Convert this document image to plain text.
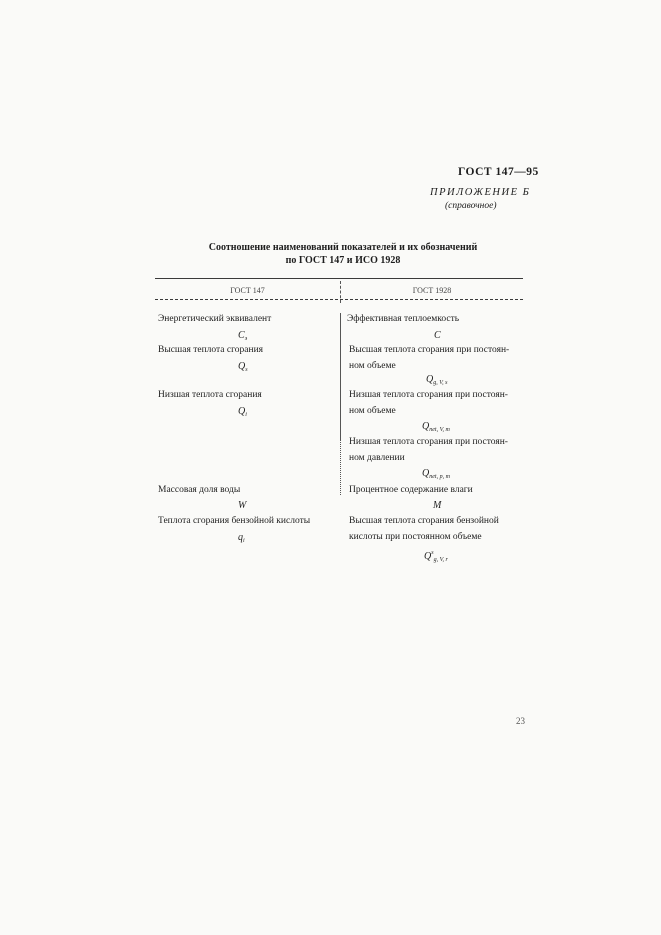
ГОСТ 147—95
ПРИЛОЖЕНИЕ Б
(справочное)
Соотношение наименований показателей и их обозначений
по ГОСТ 147 и ИСО 1928
ГОСТ 147	ГОСТ 1928
Энергетический эквивалент
$C_э$
Высшая теплота сгорания
$Q_s$
Низшая теплота сгорания
$Q_i$
Массовая доля воды
W
Теплота сгорания бензойной кислоты
$q_i$
Эффективная теплоемкость
C
Высшая теплота сгорания при постоян-
ном объеме
$Q_{g, V, s}$
Низшая теплота сгорания при постоян-
ном объеме
$Q_{net, V, m}$
Низшая теплота сгорания при постоян-
ном давлении
$Q_{net, p, m}$
Процентное содержание влаги
M
Высшая теплота сгорания бензойной
кислоты при постоянном объеме
$Q^s_{g, V, r}$
23
